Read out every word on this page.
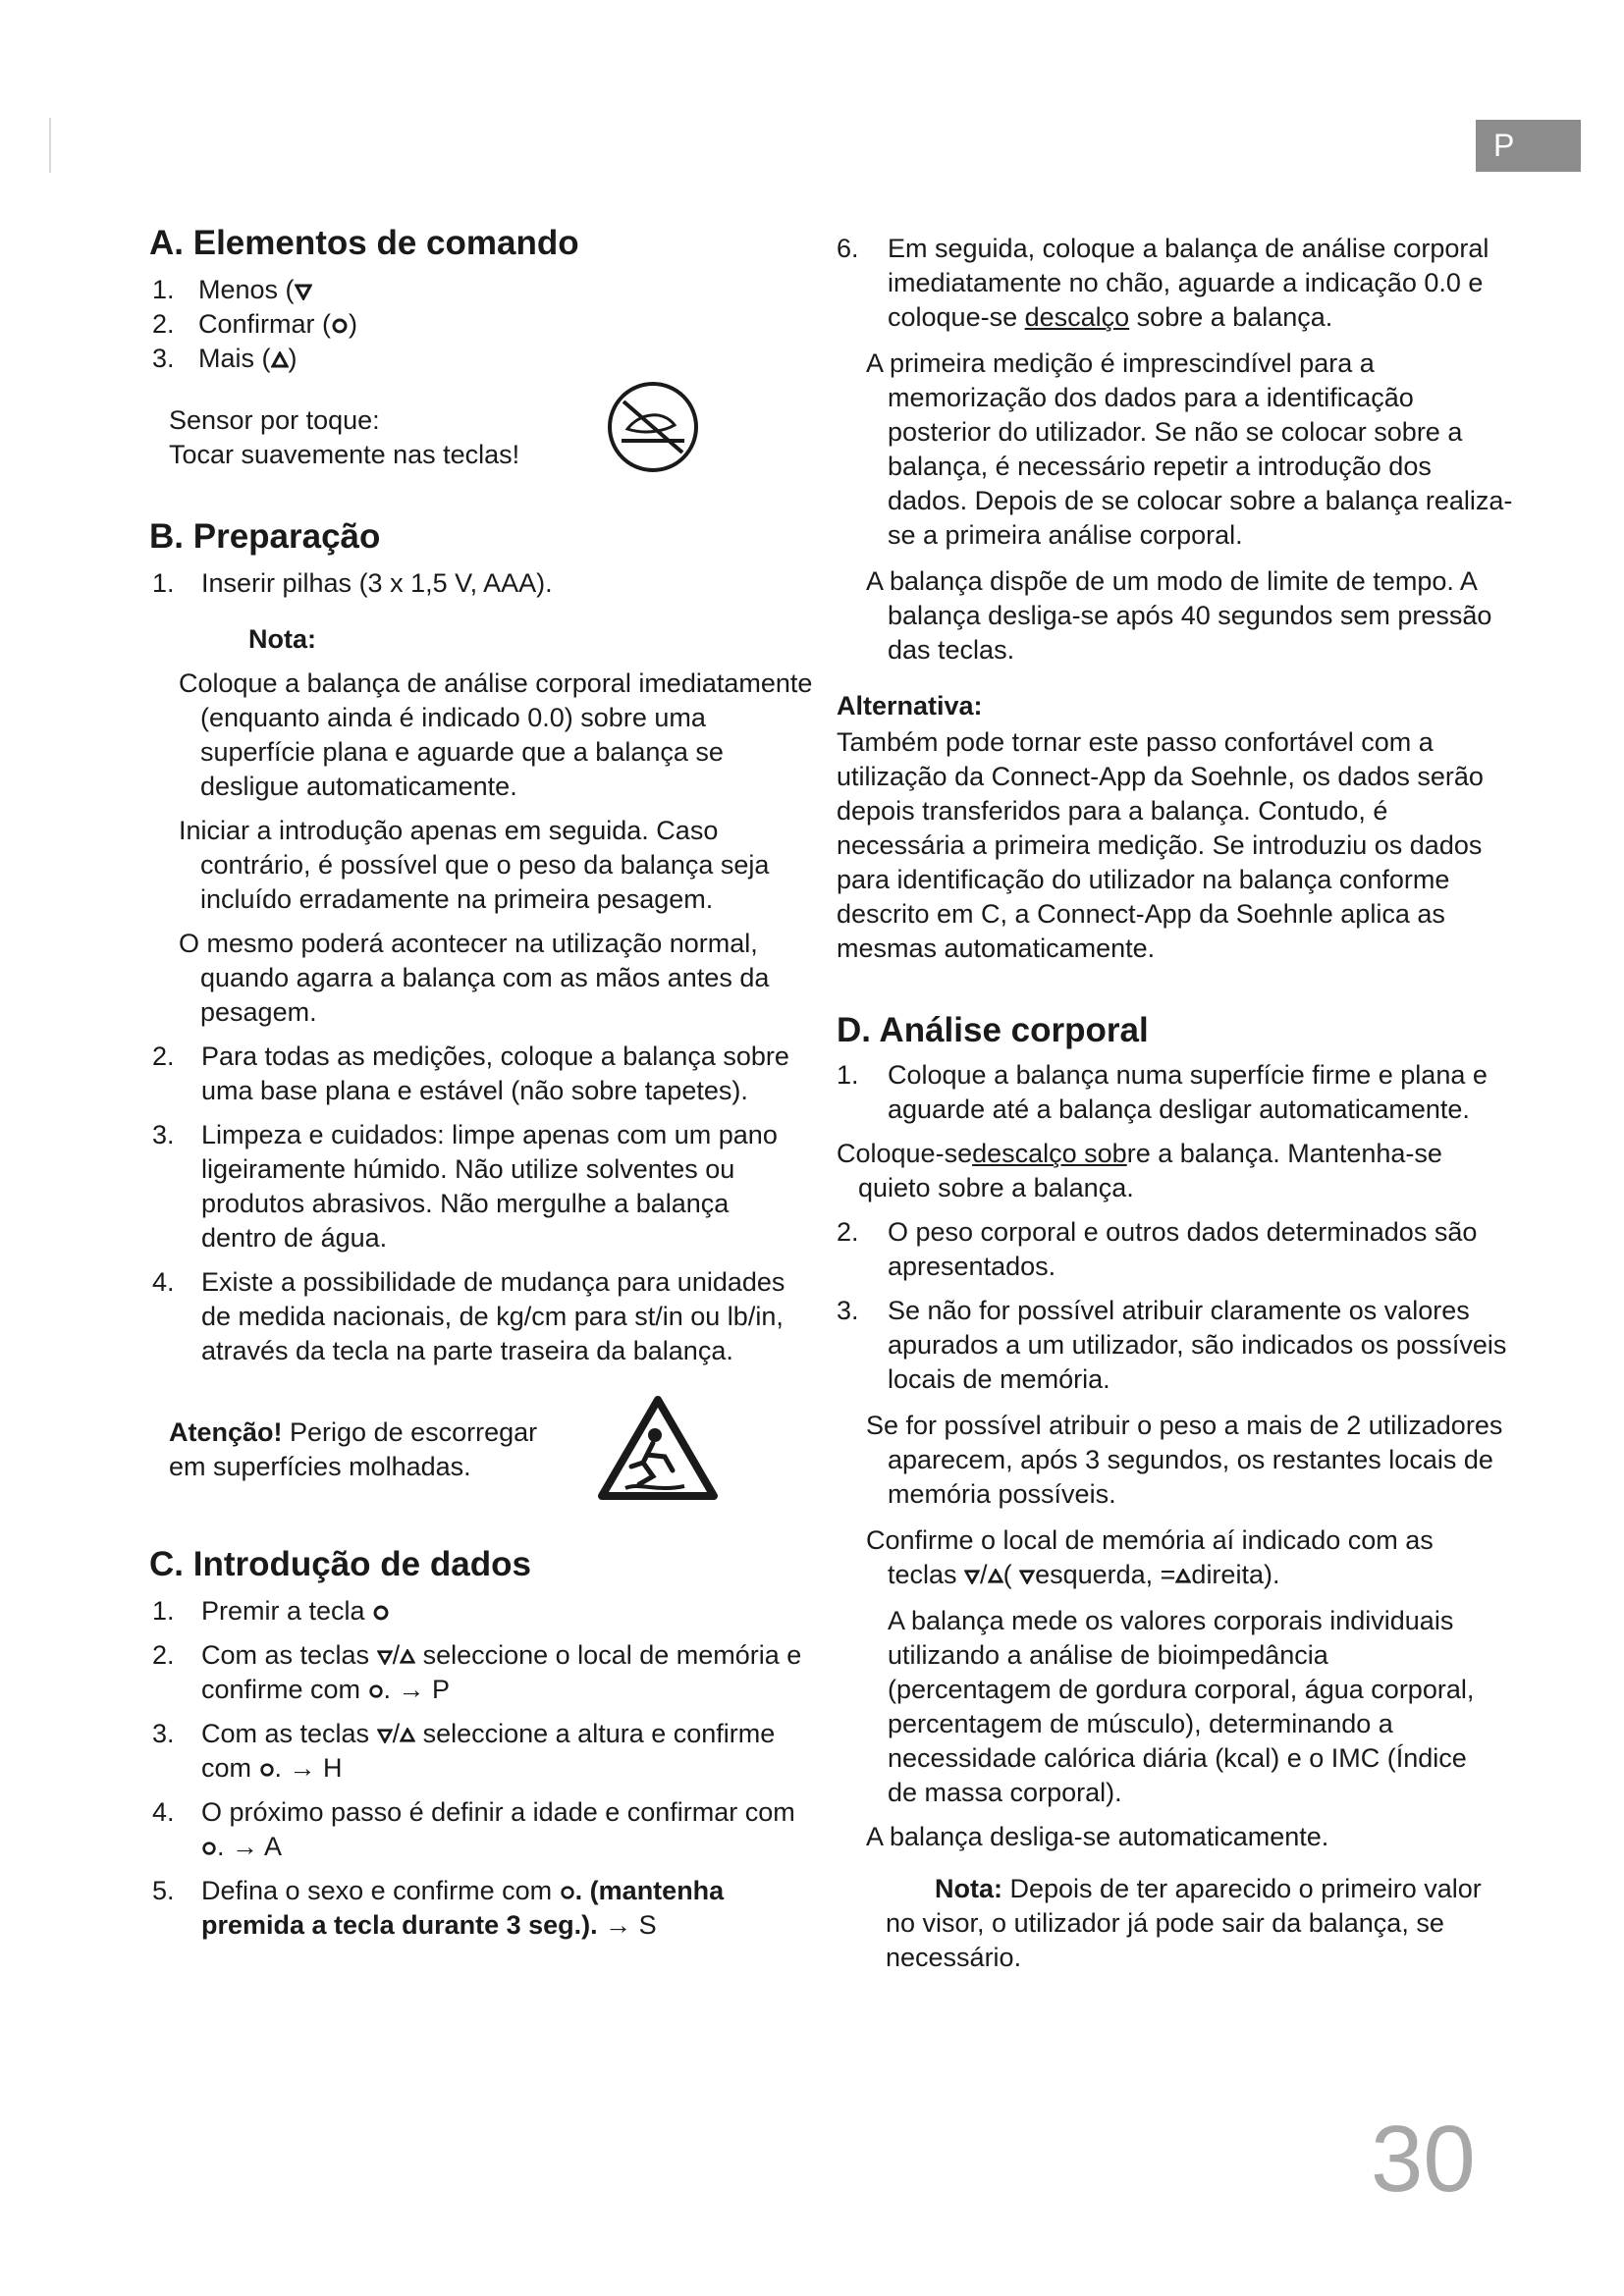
P
A. Elementos de comando
1. Menos (
2. Confirmar ( )
3. Mais ( )
Sensor por toque:
Tocar suavemente nas teclas!
B. Preparação
1.	Inserir pilhas (3 x 1,5 V, AAA).
Nota:
Coloque a balança de análise corporal imediatamente (enquanto ainda é indicado 0.0) sobre uma superfície plana e aguarde que a balança se desligue automaticamente.
Iniciar a introdução apenas em seguida. Caso contrário, é possível que o peso da balança seja incluído erradamente na primeira pesagem.
O mesmo poderá acontecer na utilização normal, quando agarra a balança com as mãos antes da pesagem.
2.	Para todas as medições, coloque a balança sobre uma base plana e estável (não sobre tapetes).
3.	Limpeza e cuidados: limpe apenas com um pano ligeiramente húmido. Não utilize solventes ou produtos abrasivos. Não mergulhe a balança dentro de água.
4.	Existe a possibilidade de mudança para unidades de medida nacionais, de kg/cm para st/in ou lb/in, através da tecla na parte traseira da balança.
Atenção! Perigo de escorregar em superfícies molhadas.
C. Introdução de dados
1.	Premir a tecla
2.	Com as teclas / seleccione o local de memória e confirme com . → P
3.	Com as teclas / seleccione a altura e confirme com . → H
4.	O próximo passo é definir a idade e confirmar com . → A
5.	Defina o sexo e confirme com . (mantenha premida a tecla durante 3 seg.). → S
6.	Em seguida, coloque a balança de análise corporal imediatamente no chão, aguarde a indicação 0.0 e coloque-se descalço sobre a balança.
A primeira medição é imprescindível para a memorização dos dados para a identificação posterior do utilizador. Se não se colocar sobre a balança, é necessário repetir a introdução dos dados. Depois de se colocar sobre a balança realiza-se a primeira análise corporal.
A balança dispõe de um modo de limite de tempo. A balança desliga-se após 40 segundos sem pressão das teclas.
Alternativa:
Também pode tornar este passo confortável com a utilização da Connect-App da Soehnle, os dados serão depois transferidos para a balança. Contudo, é necessária a primeira medição. Se introduziu os dados para identificação do utilizador na balança conforme descrito em C, a Connect-App da Soehnle aplica as mesmas automaticamente.
D. Análise corporal
1.	Coloque a balança numa superfície firme e plana e aguarde até a balança desligar automaticamente.
Coloque-sedescalço sobre a balança. Mantenha-se quieto sobre a balança.
2.	O peso corporal e outros dados determinados são apresentados.
3.	Se não for possível atribuir claramente os valores apurados a um utilizador, são indicados os possíveis locais de memória.
Se for possível atribuir o peso a mais de 2 utilizadores aparecem, após 3 segundos, os restantes locais de memória possíveis.
Confirme o local de memória aí indicado com as teclas / ( esquerda, = direita).
A balança mede os valores corporais individuais utilizando a análise de bioimpedância (percentagem de gordura corporal, água corporal, percentagem de músculo), determinando a necessidade calórica diária (kcal) e o IMC (Índice de massa corporal).
A balança desliga-se automaticamente.
Nota: Depois de ter aparecido o primeiro valor no visor, o utilizador já pode sair da balança, se necessário.
30
